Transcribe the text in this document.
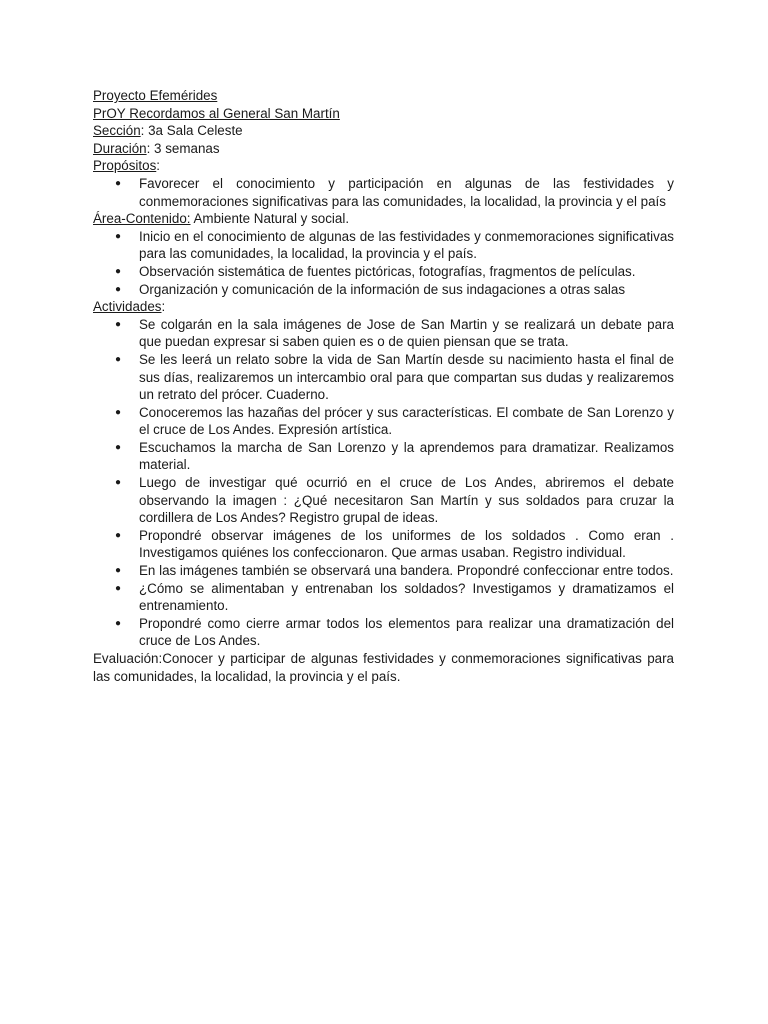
Proyecto Efemérides

PrOY Recordamos al General San Martín

Sección: 3a Sala Celeste

Duración: 3 semanas

Propósitos:

● Favorecer el conocimiento y participación en algunas de las festividades y conmemoraciones significativas para las comunidades, la localidad, la provincia y el país

Área-Contenido: Ambiente Natural y social.

● Inicio en el conocimiento de algunas de las festividades y conmemoraciones significativas para las comunidades, la localidad, la provincia y el país.
● Observación sistemática de fuentes pictóricas, fotografías, fragmentos de películas.
● Organización y comunicación de la información de sus indagaciones a otras salas

Actividades:

● Se colgarán en la sala imágenes de Jose de San Martin y se realizará un debate para que puedan expresar si saben quien es o de quien piensan que se trata.
● Se les leerá un relato sobre la vida de San Martín desde su nacimiento hasta el final de sus días, realizaremos un intercambio oral para que compartan sus dudas y realizaremos un retrato del prócer. Cuaderno.
● Conoceremos las hazañas del prócer y sus características. El combate de San Lorenzo y el cruce de Los Andes. Expresión artística.
● Escuchamos la marcha de San Lorenzo y la aprendemos para dramatizar. Realizamos material.
● Luego de investigar qué ocurrió en el cruce de Los Andes, abriremos el debate observando la imagen : ¿Qué necesitaron San Martín y sus soldados para cruzar la cordillera de Los Andes? Registro grupal de ideas.
● Propondré observar imágenes de los uniformes de los soldados . Como eran . Investigamos quiénes los confeccionaron. Que armas usaban. Registro individual.
● En las imágenes también se observará una bandera. Propondré confeccionar entre todos.
● ¿Cómo se alimentaban y entrenaban los soldados? Investigamos y dramatizamos el entrenamiento.
● Propondré como cierre armar todos los elementos para realizar una dramatización del cruce de Los Andes.

Evaluación:Conocer y participar de algunas festividades y conmemoraciones significativas para las comunidades, la localidad, la provincia y el país.
